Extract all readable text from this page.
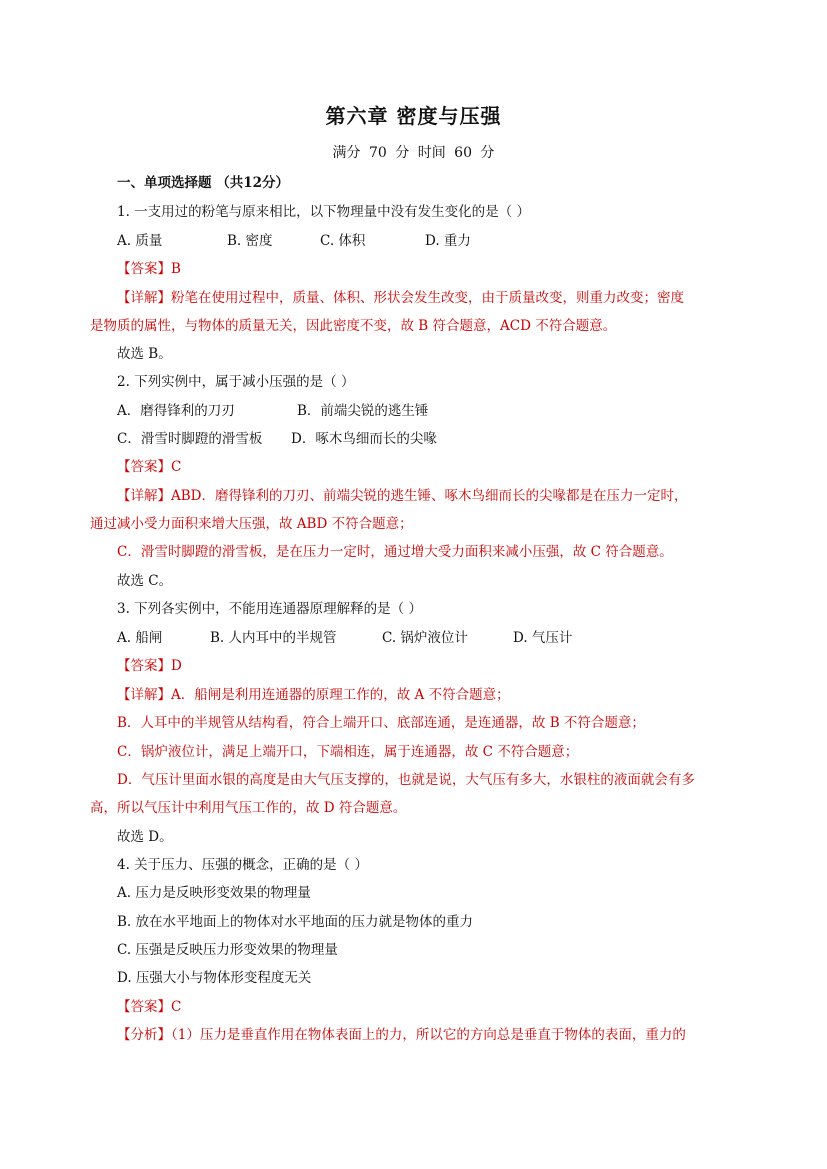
第六章 密度与压强
满分 70 分 时间 60 分
一、单项选择题 （共12分）
1. 一支用过的粉笔与原来相比，以下物理量中没有发生变化的是（ ）
A. 质量	B. 密度	C. 体积	D. 重力
【答案】B
【详解】粉笔在使用过程中，质量、体积、形状会发生改变，由于质量改变，则重力改变；密度
是物质的属性，与物体的质量无关，因此密度不变，故 B 符合题意，ACD 不符合题意。
故选 B。
2. 下列实例中，属于减小压强的是（ ）
A．磨得锋利的刀刃	B．前端尖锐的逃生锤
C．滑雪时脚蹬的滑雪板 D．啄木鸟细而长的尖喙
【答案】C
【详解】ABD．磨得锋利的刀刃、前端尖锐的逃生锤、啄木鸟细而长的尖喙都是在压力一定时，
通过减小受力面积来增大压强，故 ABD 不符合题意；
C．滑雪时脚蹬的滑雪板，是在压力一定时，通过增大受力面积来减小压强，故 C 符合题意。
故选 C。
3. 下列各实例中，不能用连通器原理解释的是（ ）
A. 船闸	B. 人内耳中的半规管	C. 锅炉液位计	D. 气压计
【答案】D
【详解】A．船闸是利用连通器的原理工作的，故 A 不符合题意；
B．人耳中的半规管从结构看，符合上端开口、底部连通，是连通器，故 B 不符合题意；
C．锅炉液位计，满足上端开口，下端相连，属于连通器，故 C 不符合题意；
D．气压计里面水银的高度是由大气压支撑的，也就是说，大气压有多大，水银柱的液面就会有多
高，所以气压计中利用气压工作的，故 D 符合题意。
故选 D。
4. 关于压力、压强的概念，正确的是（ ）
A. 压力是反映形变效果的物理量
B. 放在水平地面上的物体对水平地面的压力就是物体的重力
C. 压强是反映压力形变效果的物理量
D. 压强大小与物体形变程度无关
【答案】C
【分析】（1）压力是垂直作用在物体表面上的力，所以它的方向总是垂直于物体的表面，重力的
